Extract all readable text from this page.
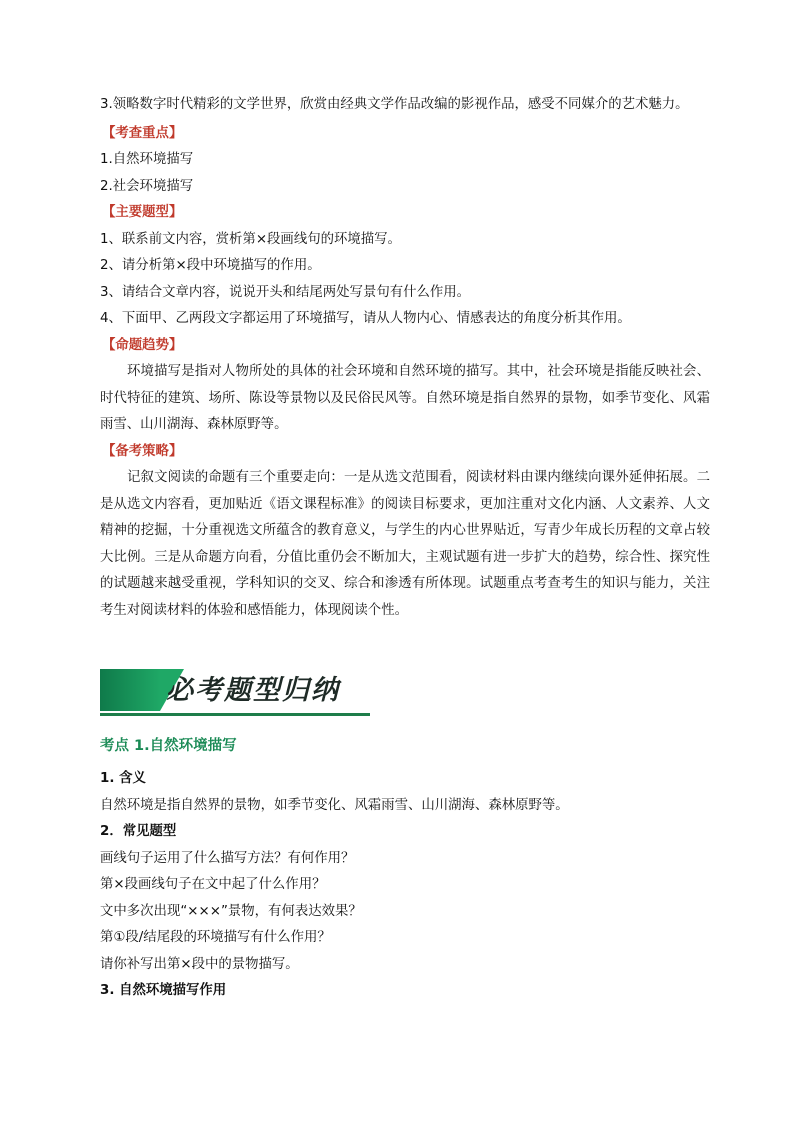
3.领略数字时代精彩的文学世界，欣赏由经典文学作品改编的影视作品，感受不同媒介的艺术魅力。

【考查重点】

1.自然环境描写

2.社会环境描写

【主要题型】

1、联系前文内容，赏析第×段画线句的环境描写。

2、请分析第×段中环境描写的作用。

3、请结合文章内容，说说开头和结尾两处写景句有什么作用。

4、下面甲、乙两段文字都运用了环境描写，请从人物内心、情感表达的角度分析其作用。

【命题趋势】

环境描写是指对人物所处的具体的社会环境和自然环境的描写。其中，社会环境是指能反映社会、时代特征的建筑、场所、陈设等景物以及民俗民风等。自然环境是指自然界的景物，如季节变化、风霜雨雪、山川湖海、森林原野等。

【备考策略】

记叙文阅读的命题有三个重要走向：一是从选文范围看，阅读材料由课内继续向课外延伸拓展。二是从选文内容看，更加贴近《语文课程标准》的阅读目标要求，更加注重对文化内涵、人文素养、人文精神的挖掘，十分重视选文所蕴含的教育意义，与学生的内心世界贴近，写青少年成长历程的文章占较大比例。三是从命题方向看，分值比重仍会不断加大，主观试题有进一步扩大的趋势，综合性、探究性的试题越来越受重视，学科知识的交叉、综合和渗透有所体现。试题重点考查考生的知识与能力，关注考生对阅读材料的体验和感悟能力，体现阅读个性。

必考题型归纳

考点 1.自然环境描写

1. 含义

自然环境是指自然界的景物，如季节变化、风霜雨雪、山川湖海、森林原野等。

2．常见题型

画线句子运用了什么描写方法？有何作用？

第×段画线句子在文中起了什么作用？

文中多次出现“×××”景物，有何表达效果？

第①段/结尾段的环境描写有什么作用？

请你补写出第×段中的景物描写。

3. 自然环境描写作用
